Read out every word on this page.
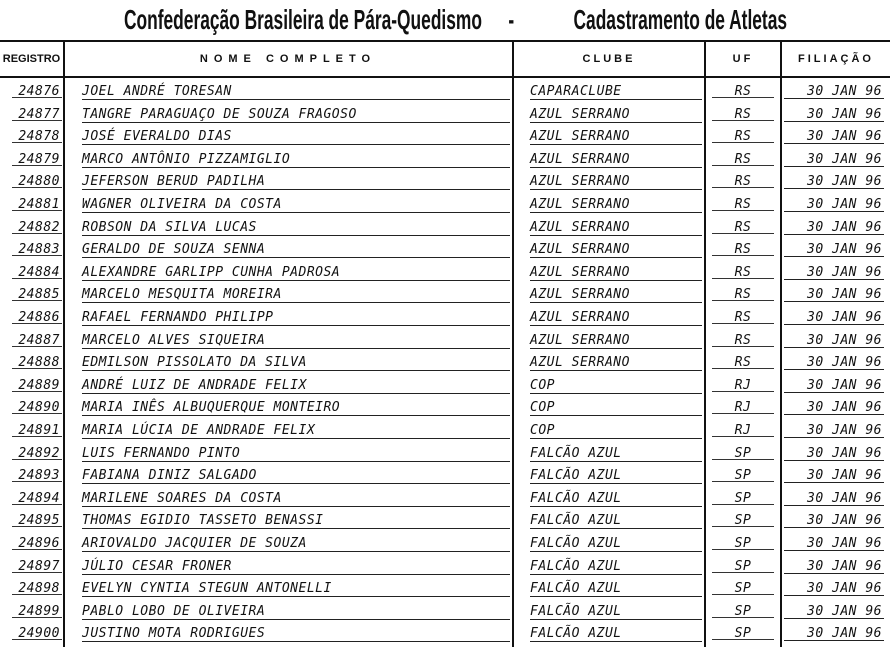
Confederação Brasileira de Pára-Quedismo - Cadastramento de Atletas
REGISTRO	NOME COMPLETO	CLUBE	UF	FILIAÇÃO
24876 JOEL ANDRÉ TORESAN	CAPARACLUBE	RS	30 JAN 96
24877 TANGRE PARAGUAÇO DE SOUZA FRAGOSO	AZUL SERRANO	RS	30 JAN 96
24878 JOSÉ EVERALDO DIAS	AZUL SERRANO	RS	30 JAN 96
24879 MARCO ANTÔNIO PIZZAMIGLIO	AZUL SERRANO	RS	30 JAN 96
24880 JEFERSON BERUD PADILHA	AZUL SERRANO	RS	30 JAN 96
24881 WAGNER OLIVEIRA DA COSTA	AZUL SERRANO	RS	30 JAN 96
24882 ROBSON DA SILVA LUCAS	AZUL SERRANO	RS	30 JAN 96
24883 GERALDO DE SOUZA SENNA	AZUL SERRANO	RS	30 JAN 96
24884 ALEXANDRE GARLIPP CUNHA PADROSA	AZUL SERRANO	RS	30 JAN 96
24885 MARCELO MESQUITA MOREIRA	AZUL SERRANO	RS	30 JAN 96
24886 RAFAEL FERNANDO PHILIPP	AZUL SERRANO	RS	30 JAN 96
24887 MARCELO ALVES SIQUEIRA	AZUL SERRANO	RS	30 JAN 96
24888 EDMILSON PISSOLATO DA SILVA	AZUL SERRANO	RS	30 JAN 96
24889 ANDRÉ LUIZ DE ANDRADE FELIX	COP	RJ	30 JAN 96
24890 MARIA INÊS ALBUQUERQUE MONTEIRO	COP	RJ	30 JAN 96
24891 MARIA LÚCIA DE ANDRADE FELIX	COP	RJ	30 JAN 96
24892 LUIS FERNANDO PINTO	FALCÃO AZUL	SP	30 JAN 96
24893 FABIANA DINIZ SALGADO	FALCÃO AZUL	SP	30 JAN 96
24894 MARILENE SOARES DA COSTA	FALCÃO AZUL	SP	30 JAN 96
24895 THOMAS EGIDIO TASSETO BENASSI	FALCÃO AZUL	SP	30 JAN 96
24896 ARIOVALDO JACQUIER DE SOUZA	FALCÃO AZUL	SP	30 JAN 96
24897 JÚLIO CESAR FRONER	FALCÃO AZUL	SP	30 JAN 96
24898 EVELYN CYNTIA STEGUN ANTONELLI	FALCÃO AZUL	SP	30 JAN 96
24899 PABLO LOBO DE OLIVEIRA	FALCÃO AZUL	SP	30 JAN 96
24900 JUSTINO MOTA RODRIGUES	FALCÃO AZUL	SP	30 JAN 96
